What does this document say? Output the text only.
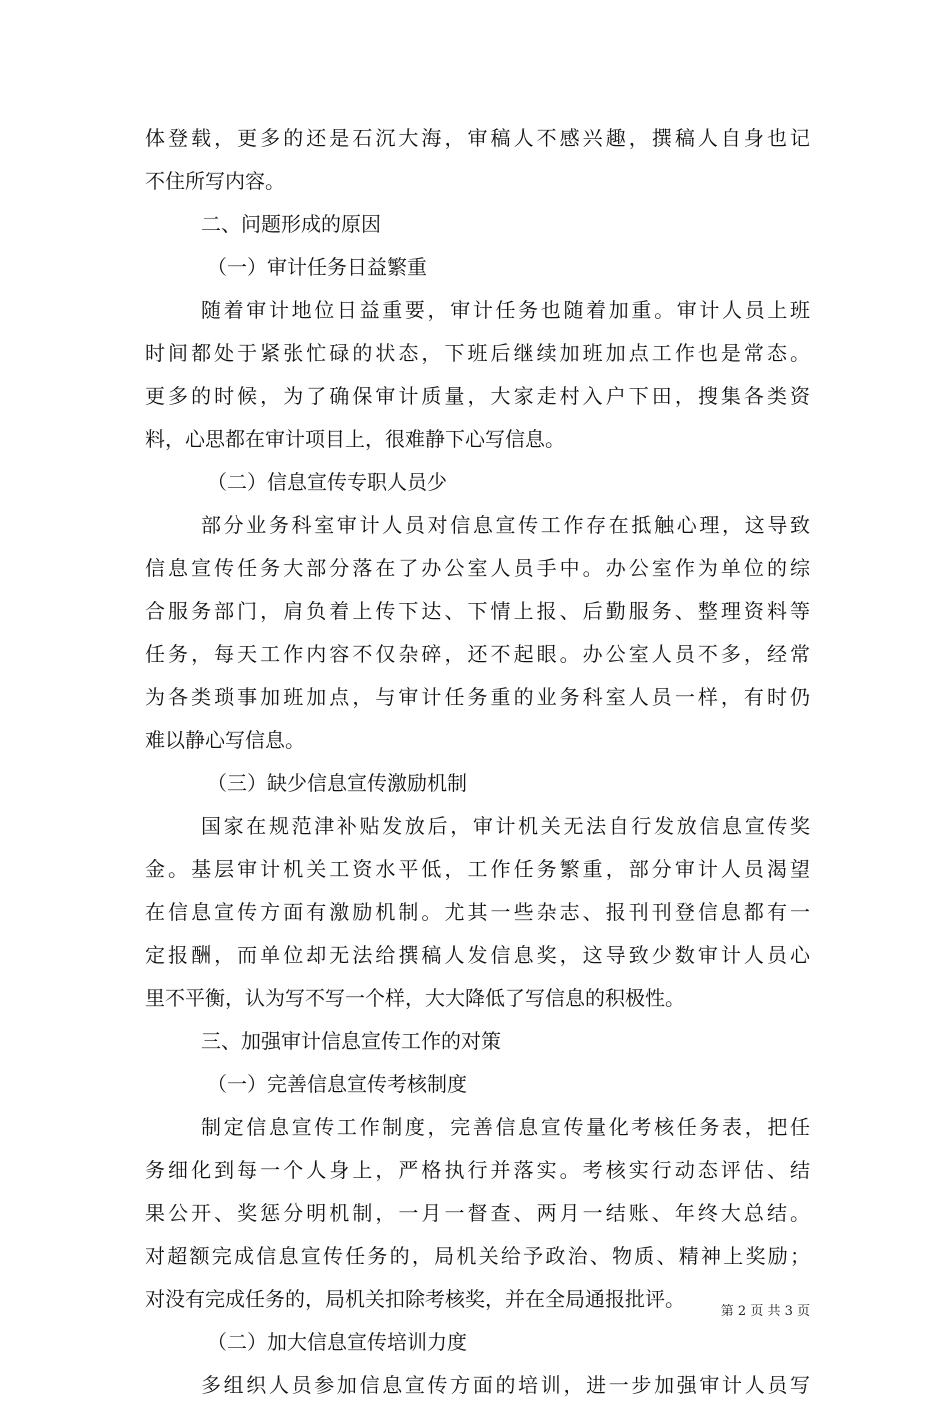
体登载，更多的还是石沉大海，审稿人不感兴趣，撰稿人自身也记
不住所写内容。
二、问题形成的原因
（一）审计任务日益繁重
随着审计地位日益重要，审计任务也随着加重。审计人员上班
时间都处于紧张忙碌的状态，下班后继续加班加点工作也是常态。
更多的时候，为了确保审计质量，大家走村入户下田，搜集各类资
料，心思都在审计项目上，很难静下心写信息。
（二）信息宣传专职人员少
部分业务科室审计人员对信息宣传工作存在抵触心理，这导致
信息宣传任务大部分落在了办公室人员手中。办公室作为单位的综
合服务部门，肩负着上传下达、下情上报、后勤服务、整理资料等
任务，每天工作内容不仅杂碎，还不起眼。办公室人员不多，经常
为各类琐事加班加点，与审计任务重的业务科室人员一样，有时仍
难以静心写信息。
（三）缺少信息宣传激励机制
国家在规范津补贴发放后，审计机关无法自行发放信息宣传奖
金。基层审计机关工资水平低，工作任务繁重，部分审计人员渴望
在信息宣传方面有激励机制。尤其一些杂志、报刊刊登信息都有一
定报酬，而单位却无法给撰稿人发信息奖，这导致少数审计人员心
里不平衡，认为写不写一个样，大大降低了写信息的积极性。
三、加强审计信息宣传工作的对策
（一）完善信息宣传考核制度
制定信息宣传工作制度，完善信息宣传量化考核任务表，把任
务细化到每一个人身上，严格执行并落实。考核实行动态评估、结
果公开、奖惩分明机制，一月一督查、两月一结账、年终大总结。
对超额完成信息宣传任务的，局机关给予政治、物质、精神上奖励；
对没有完成任务的，局机关扣除考核奖，并在全局通报批评。
（二）加大信息宣传培训力度
多组织人员参加信息宣传方面的培训，进一步加强审计人员写
第 2 页 共 3 页
